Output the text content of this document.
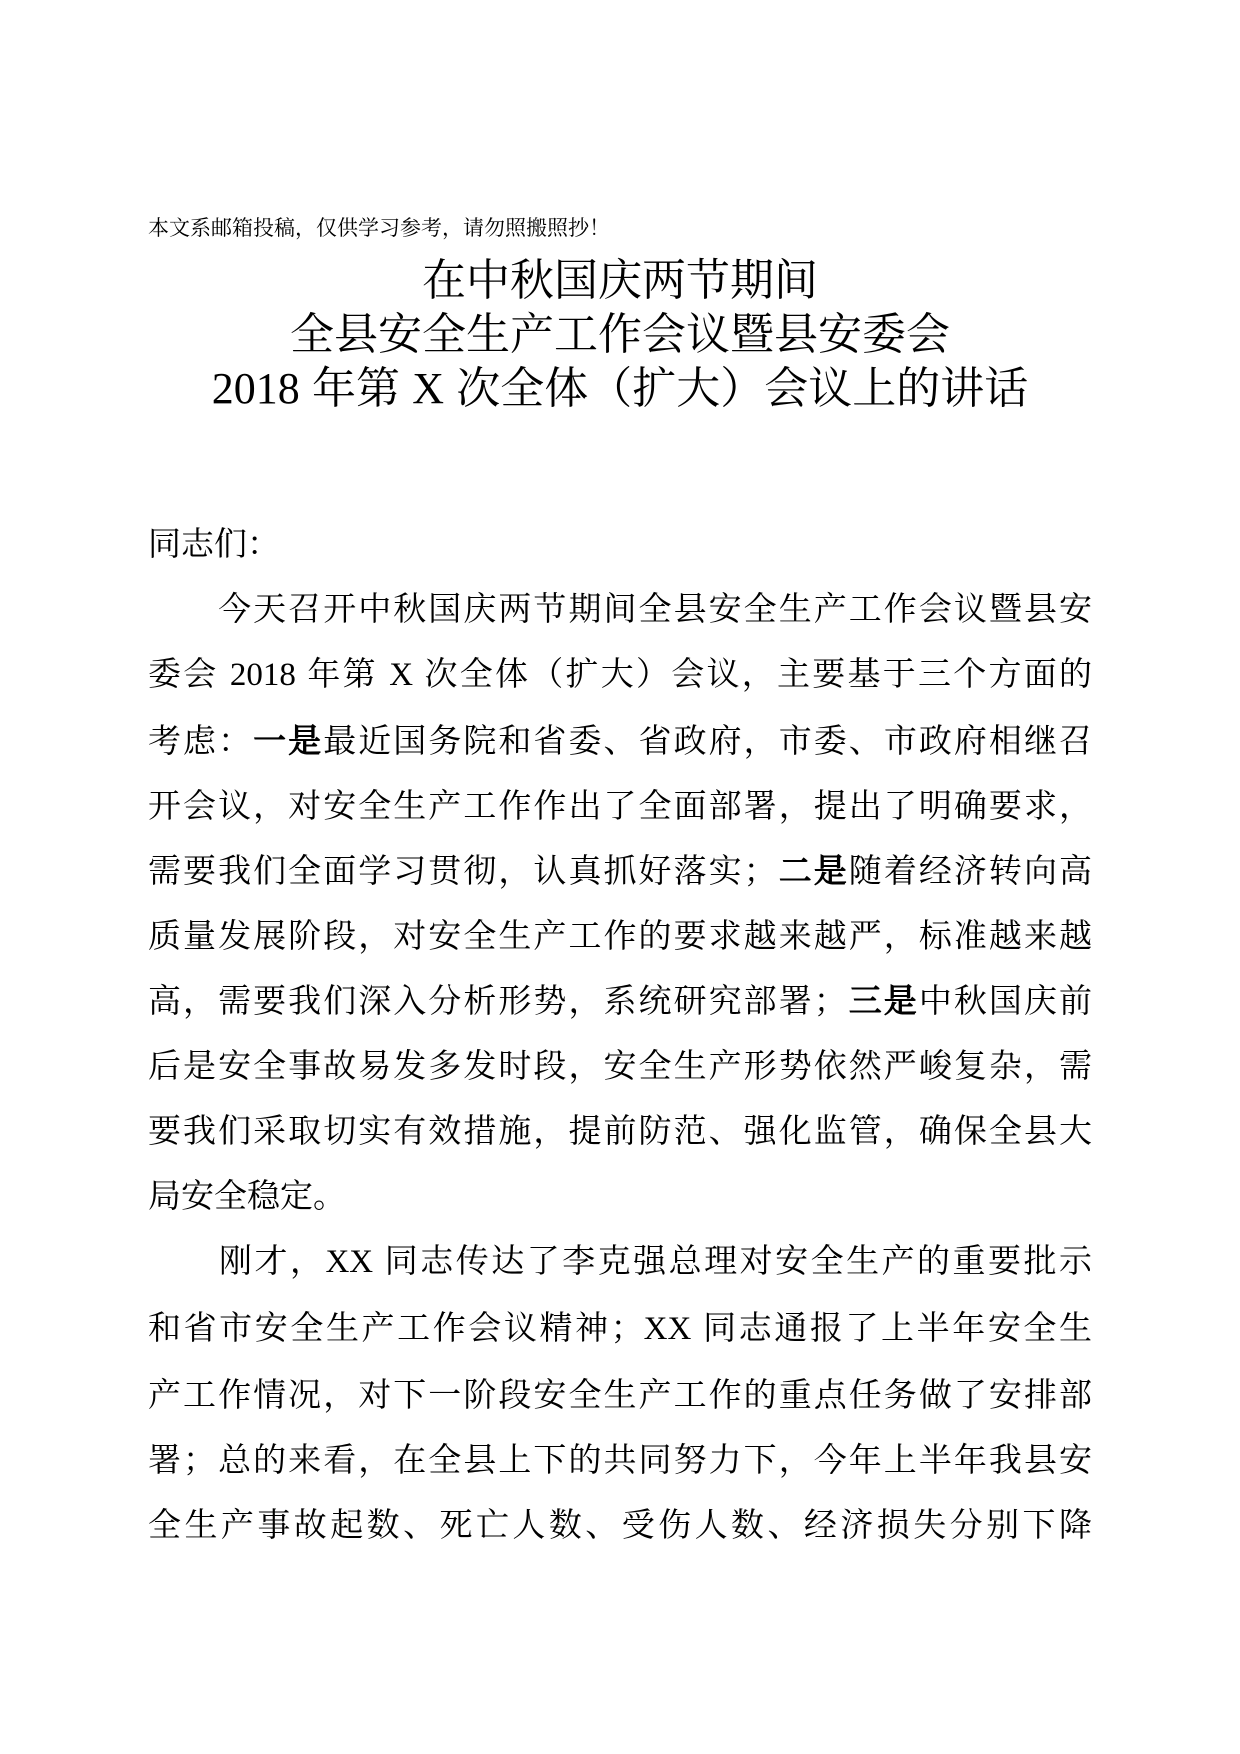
本文系邮箱投稿，仅供学习参考，请勿照搬照抄！
在中秋国庆两节期间
全县安全生产工作会议暨县安委会
2018 年第 X 次全体（扩大）会议上的讲话
同志们：
　　今天召开中秋国庆两节期间全县安全生产工作会议暨县安
委会 2018 年第 X 次全体（扩大）会议，主要基于三个方面的
考虑：一是最近国务院和省委、省政府，市委、市政府相继召
开会议，对安全生产工作作出了全面部署，提出了明确要求，
需要我们全面学习贯彻，认真抓好落实；二是随着经济转向高
质量发展阶段，对安全生产工作的要求越来越严，标准越来越
高，需要我们深入分析形势，系统研究部署；三是中秋国庆前
后是安全事故易发多发时段，安全生产形势依然严峻复杂，需
要我们采取切实有效措施，提前防范、强化监管，确保全县大
局安全稳定。
　　刚才，XX 同志传达了李克强总理对安全生产的重要批示
和省市安全生产工作会议精神；XX 同志通报了上半年安全生
产工作情况，对下一阶段安全生产工作的重点任务做了安排部
署；总的来看，在全县上下的共同努力下，今年上半年我县安
全生产事故起数、死亡人数、受伤人数、经济损失分别下降
